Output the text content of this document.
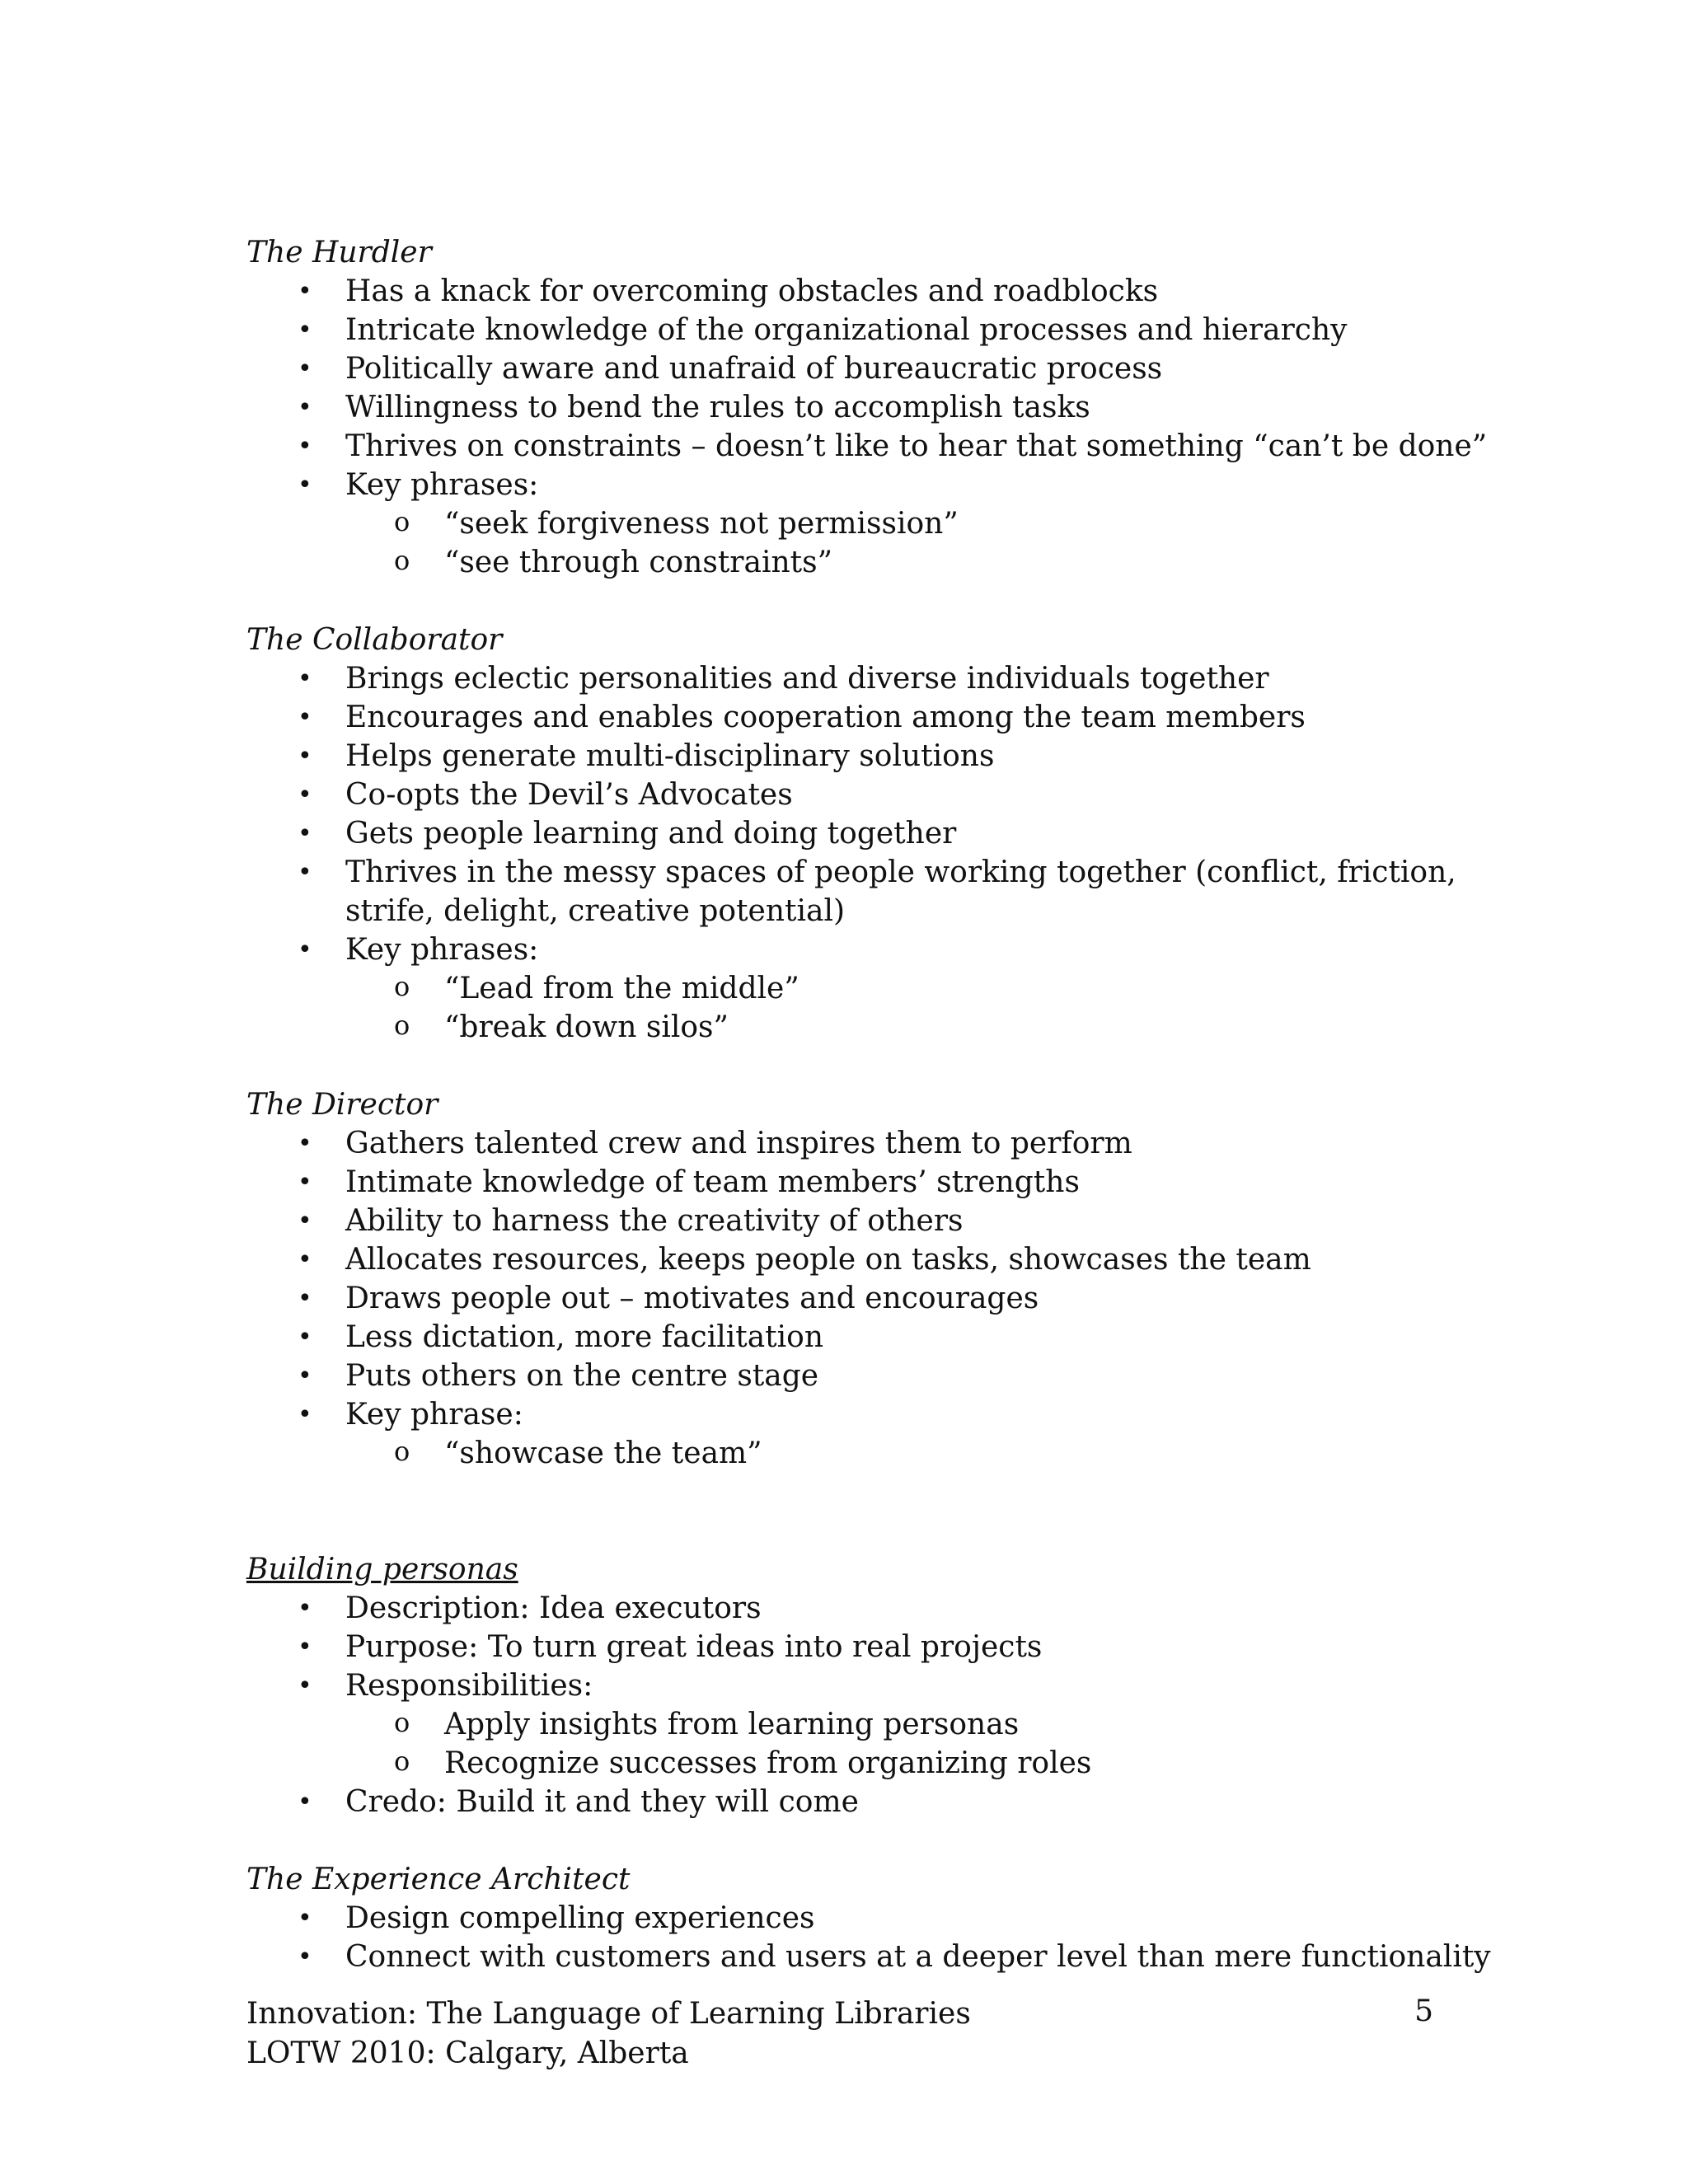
The Hurdler
• Has a knack for overcoming obstacles and roadblocks
• Intricate knowledge of the organizational processes and hierarchy
• Politically aware and unafraid of bureaucratic process
• Willingness to bend the rules to accomplish tasks
• Thrives on constraints – doesn’t like to hear that something “can’t be done”
• Key phrases:
o “seek forgiveness not permission”
o “see through constraints”
The Collaborator
• Brings eclectic personalities and diverse individuals together
• Encourages and enables cooperation among the team members
• Helps generate multi-disciplinary solutions
• Co-opts the Devil’s Advocates
• Gets people learning and doing together
• Thrives in the messy spaces of people working together (conflict, friction,
strife, delight, creative potential)
• Key phrases:
o “Lead from the middle”
o “break down silos”
The Director
• Gathers talented crew and inspires them to perform
• Intimate knowledge of team members’ strengths
• Ability to harness the creativity of others
• Allocates resources, keeps people on tasks, showcases the team
• Draws people out – motivates and encourages
• Less dictation, more facilitation
• Puts others on the centre stage
• Key phrase:
o “showcase the team”
Building personas
• Description: Idea executors
• Purpose: To turn great ideas into real projects
• Responsibilities:
o Apply insights from learning personas
o Recognize successes from organizing roles
• Credo: Build it and they will come
The Experience Architect
• Design compelling experiences
• Connect with customers and users at a deeper level than mere functionality
Innovation: The Language of Learning Libraries
LOTW 2010: Calgary, Alberta
5
